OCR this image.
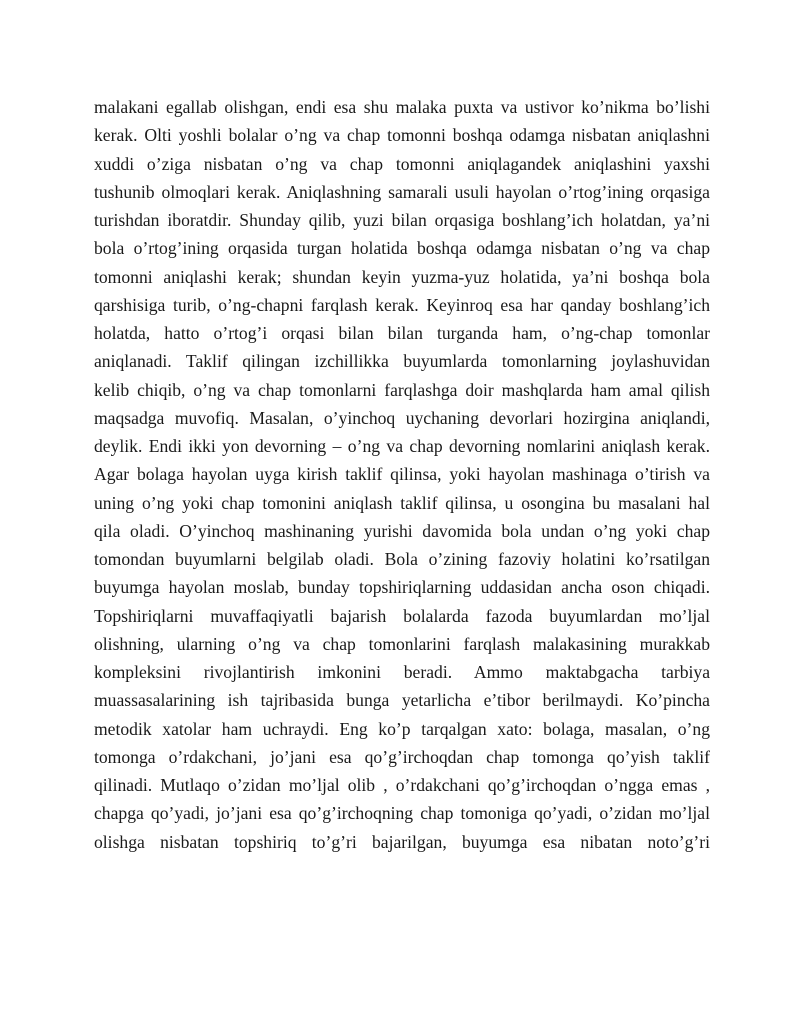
malakani egallab olishgan, endi esa shu malaka puxta va ustivor ko’nikma bo’lishi
kerak. Olti yoshli bolalar o’ng va chap tomonni boshqa odamga nisbatan aniqlashni
xuddi o’ziga nisbatan o’ng va chap tomonni aniqlagandek aniqlashini yaxshi
tushunib olmoqlari kerak. Aniqlashning samarali usuli hayolan o’rtog’ining orqasiga
turishdan iboratdir. Shunday qilib, yuzi bilan orqasiga boshlang’ich holatdan, ya’ni
bola o’rtog’ining orqasida turgan holatida boshqa odamga nisbatan o’ng va chap
tomonni aniqlashi kerak; shundan keyin yuzma-yuz holatida, ya’ni boshqa bola
qarshisiga turib, o’ng-chapni farqlash kerak. Keyinroq esa har qanday boshlang’ich
holatda, hatto o’rtog’i orqasi bilan bilan turganda ham, o’ng-chap tomonlar
aniqlanadi. Taklif qilingan izchillikka buyumlarda tomonlarning joylashuvidan
kelib chiqib, o’ng va chap tomonlarni farqlashga doir mashqlarda ham amal qilish
maqsadga muvofiq. Masalan, o’yinchoq uychaning devorlari hozirgina aniqlandi,
deylik. Endi ikki yon devorning – o’ng va chap devorning nomlarini aniqlash kerak.
Agar bolaga hayolan uyga kirish taklif qilinsa, yoki hayolan mashinaga o’tirish va
uning o’ng yoki chap tomonini aniqlash taklif qilinsa, u osongina bu masalani hal
qila oladi. O’yinchoq mashinaning yurishi davomida bola undan o’ng yoki chap
tomondan buyumlarni belgilab oladi. Bola o’zining fazoviy holatini ko’rsatilgan
buyumga hayolan moslab, bunday topshiriqlarning uddasidan ancha oson chiqadi.
Topshiriqlarni muvaffaqiyatli bajarish bolalarda fazoda buyumlardan mo’ljal
olishning, ularning o’ng va chap tomonlarini farqlash malakasining murakkab
kompleksini rivojlantirish imkonini beradi. Ammo maktabgacha tarbiya
muassasalarining ish tajribasida bunga yetarlicha e’tibor berilmaydi. Ko’pincha
metodik xatolar ham uchraydi. Eng ko’p tarqalgan xato: bolaga, masalan, o’ng
tomonga o’rdakchani, jo’jani esa qo’g’irchoqdan chap tomonga qo’yish taklif
qilinadi. Mutlaqo o’zidan mo’ljal olib , o’rdakchani qo’g’irchoqdan o’ngga emas ,
chapga qo’yadi, jo’jani esa qo’g’irchoqning chap tomoniga qo’yadi, o’zidan mo’ljal
olishga nisbatan topshiriq to’g’ri bajarilgan, buyumga esa nibatan noto’g’ri
